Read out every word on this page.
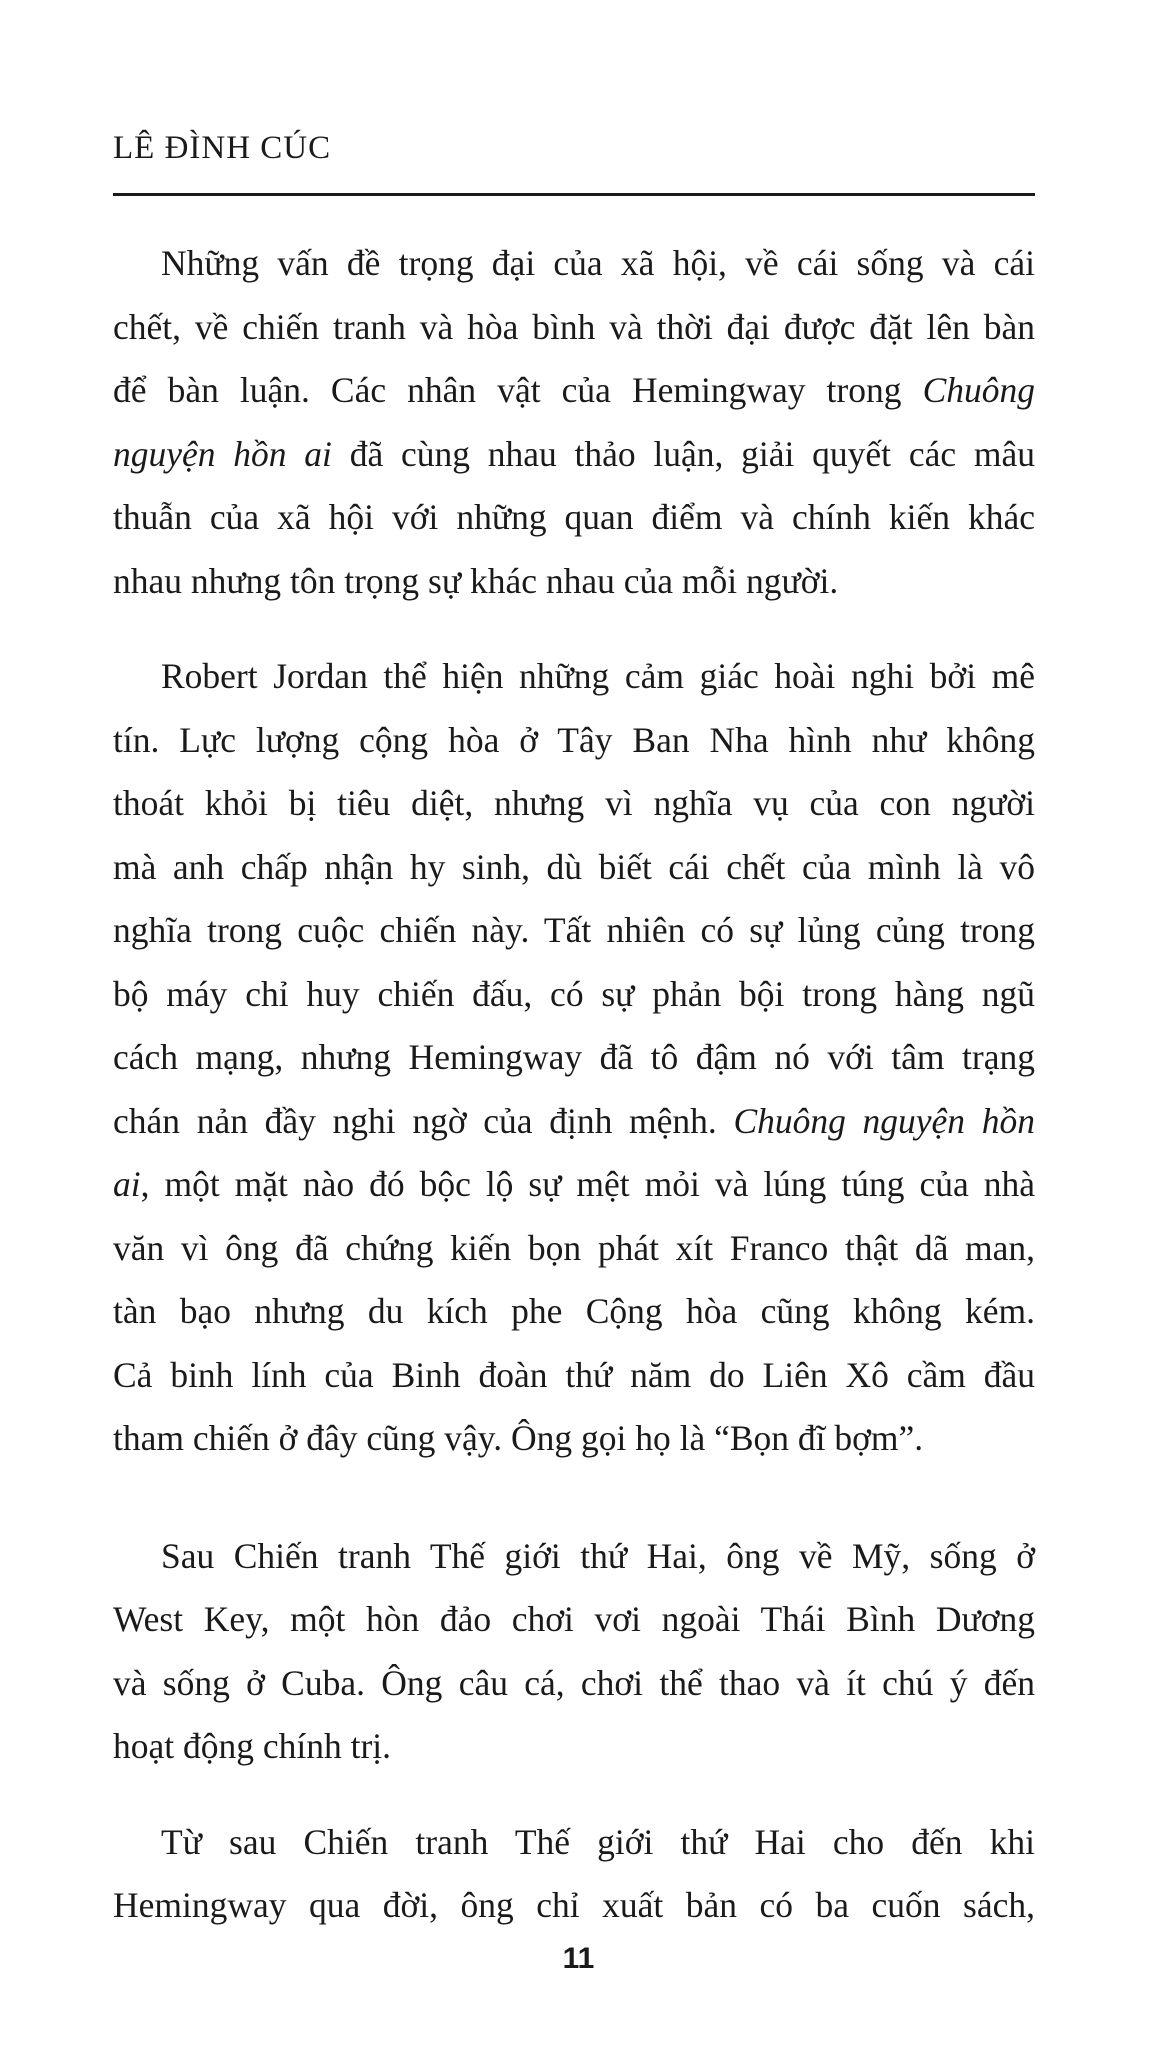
LÊ ĐÌNH CÚC

Những vấn đề trọng đại của xã hội, về cái sống và cái
chết, về chiến tranh và hòa bình và thời đại được đặt lên bàn
để bàn luận. Các nhân vật của Hemingway trong Chuông
nguyện hồn ai đã cùng nhau thảo luận, giải quyết các mâu
thuẫn của xã hội với những quan điểm và chính kiến khác
nhau nhưng tôn trọng sự khác nhau của mỗi người.

Robert Jordan thể hiện những cảm giác hoài nghi bởi mê
tín. Lực lượng cộng hòa ở Tây Ban Nha hình như không
thoát khỏi bị tiêu diệt, nhưng vì nghĩa vụ của con người
mà anh chấp nhận hy sinh, dù biết cái chết của mình là vô
nghĩa trong cuộc chiến này. Tất nhiên có sự lủng củng trong
bộ máy chỉ huy chiến đấu, có sự phản bội trong hàng ngũ
cách mạng, nhưng Hemingway đã tô đậm nó với tâm trạng
chán nản đầy nghi ngờ của định mệnh. Chuông nguyện hồn
ai, một mặt nào đó bộc lộ sự mệt mỏi và lúng túng của nhà
văn vì ông đã chứng kiến bọn phát xít Franco thật dã man,
tàn bạo nhưng du kích phe Cộng hòa cũng không kém.
Cả binh lính của Binh đoàn thứ năm do Liên Xô cầm đầu
tham chiến ở đây cũng vậy. Ông gọi họ là “Bọn đĩ bợm”.

Sau Chiến tranh Thế giới thứ Hai, ông về Mỹ, sống ở
West Key, một hòn đảo chơi vơi ngoài Thái Bình Dương
và sống ở Cuba. Ông câu cá, chơi thể thao và ít chú ý đến
hoạt động chính trị.

Từ sau Chiến tranh Thế giới thứ Hai cho đến khi
Hemingway qua đời, ông chỉ xuất bản có ba cuốn sách,

11
